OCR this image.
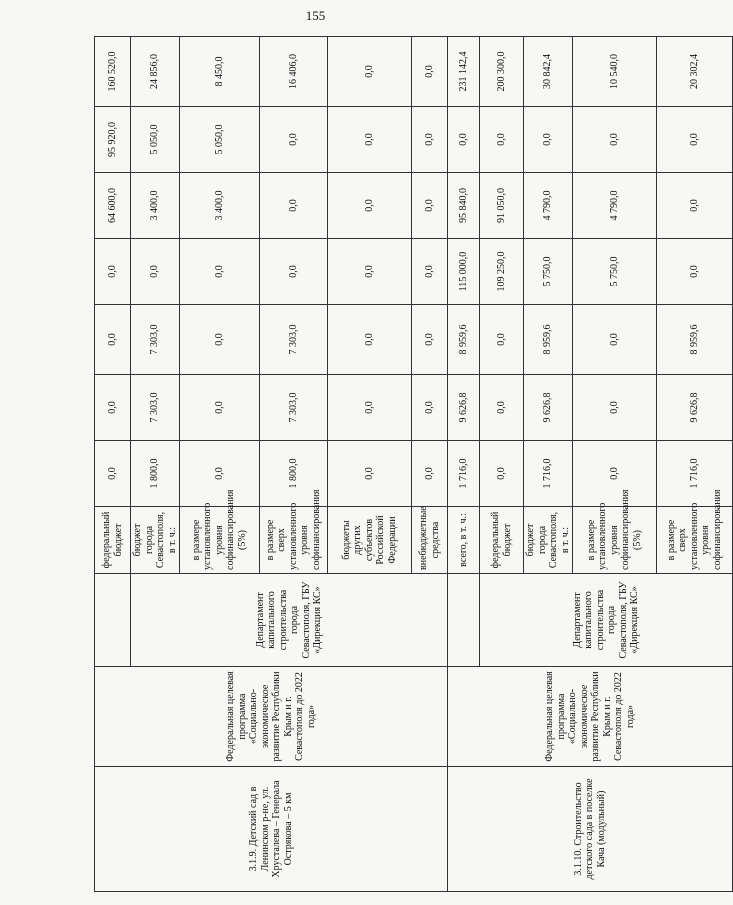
155
3.1.9. Детский сад в Ленинском р-не, ул. Хрусталева – Генерала Острякова – 5 км	Федеральная целевая программа «Социально-экономическое развитие Республики Крым и г. Севастополя до 2022 года»		федеральный бюджет	0,0	0,0	0,0	0,0	64 600,0	95 920,0	160 520,0
		Департамент капитального строительства города Севастополя, ГБУ «Дирекция КС»	бюджет города Севастополя, в т. ч.:	1 800,0	7 303,0	7 303,0	0,0	3 400,0	5 050,0	24 856,0
			в размере установленного уровня софинансирования (5%)	0,0	0,0	0,0	0,0	3 400,0	5 050,0	8 450,0
			в размере сверх установленного уровня софинансирования	1 800,0	7 303,0	7 303,0	0,0	0,0	0,0	16 406,0
			бюджеты других субъектов Российской Федерации	0,0	0,0	0,0	0,0	0,0	0,0	0,0
			внебюджетные средства	0,0	0,0	0,0	0,0	0,0	0,0	0,0
3.1.10. Строительство детского сада в поселке Кача (модульный)	Федеральная целевая программа «Социально-экономическое развитие Республики Крым и г. Севастополя до 2022 года»		всего, в т. ч.:	1 716,0	9 626,8	8 959,6	115 000,0	95 840,0	0,0	231 142,4
		Департамент капитального строительства города Севастополя, ГБУ «Дирекция КС»	федеральный бюджет	0,0	0,0	0,0	109 250,0	91 050,0	0,0	200 300,0
			бюджет города Севастополя, в т. ч.:	1 716,0	9 626,8	8 959,6	5 750,0	4 790,0	0,0	30 842,4
			в размере установленного уровня софинансирования (5%)	0,0	0,0	0,0	5 750,0	4 790,0	0,0	10 540,0
			в размере сверх установленного уровня софинансирования	1 716,0	9 626,8	8 959,6	0,0	0,0	0,0	20 302,4
